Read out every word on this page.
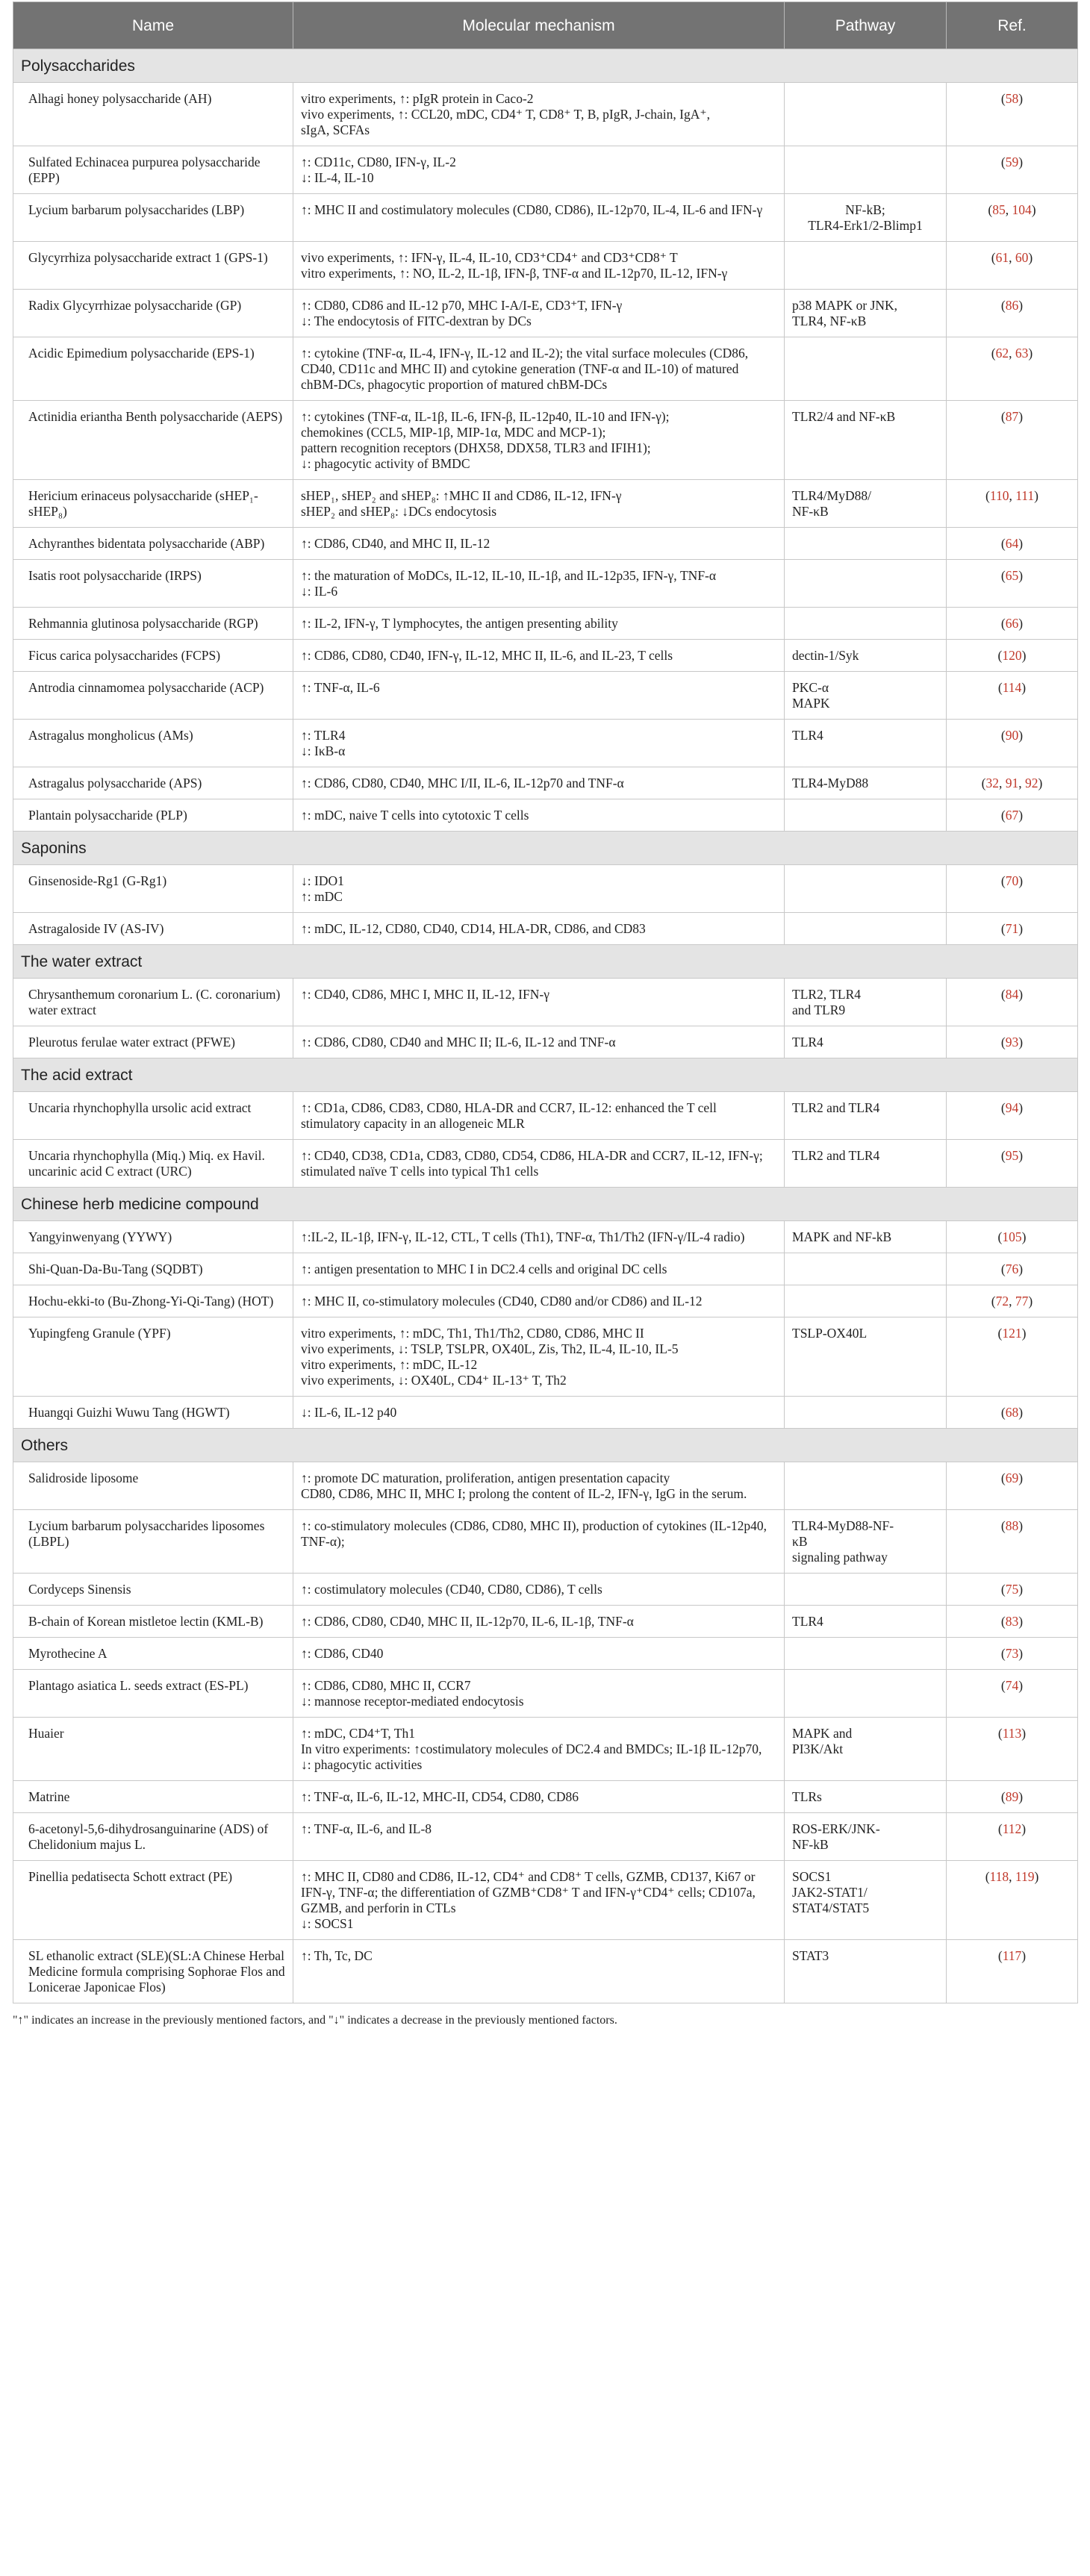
Name	Molecular mechanism	Pathway	Ref.
Polysaccharides			
Alhagi honey polysaccharide (AH)	vitro experiments, ↑: pIgR protein in Caco-2
vivo experiments, ↑: CCL20, mDC, CD4⁺ T, CD8⁺ T, B, pIgR, J-chain, IgA⁺,
sIgA, SCFAs		(58)
Sulfated Echinacea purpurea polysaccharide (EPP)	↑: CD11c, CD80, IFN-γ, IL-2
↓: IL-4, IL-10		(59)
Lycium barbarum polysaccharides (LBP)	↑: MHC II and costimulatory molecules (CD80, CD86), IL-12p70, IL-4, IL-6 and IFN-γ	NF-kB;
TLR4-Erk1/2-Blimp1	(85, 104)
Glycyrrhiza polysaccharide extract 1 (GPS-1)	vivo experiments, ↑: IFN-γ, IL-4, IL-10, CD3⁺CD4⁺ and CD3⁺CD8⁺ T
vitro experiments, ↑: NO, IL-2, IL-1β, IFN-β, TNF-α and IL-12p70, IL-12, IFN-γ		(61, 60)
Radix Glycyrrhizae polysaccharide (GP)	↑: CD80, CD86 and IL-12 p70, MHC I-A/I-E, CD3⁺T, IFN-γ
↓: The endocytosis of FITC-dextran by DCs	p38 MAPK or JNK,
TLR4, NF-κB	(86)
Acidic Epimedium polysaccharide (EPS-1)	↑: cytokine (TNF-α, IL-4, IFN-γ, IL-12 and IL-2); the vital surface molecules (CD86, CD40, CD11c and MHC II) and cytokine generation (TNF-α and IL-10) of matured chBM-DCs, phagocytic proportion of matured chBM-DCs		(62, 63)
Actinidia eriantha Benth polysaccharide (AEPS)	↑: cytokines (TNF-α, IL-1β, IL-6, IFN-β, IL-12p40, IL-10 and IFN-γ);
chemokines (CCL5, MIP-1β, MIP-1α, MDC and MCP-1);
pattern recognition receptors (DHX58, DDX58, TLR3 and IFIH1);
↓: phagocytic activity of BMDC	TLR2/4 and NF-κB	(87)
Hericium erinaceus polysaccharide (sHEP₁-sHEP₈)	sHEP₁, sHEP₂ and sHEP₈: ↑MHC II and CD86, IL-12, IFN-γ
sHEP₂ and sHEP₈: ↓DCs endocytosis	TLR4/MyD88/
NF-κB	(110, 111)
Achyranthes bidentata polysaccharide (ABP)	↑: CD86, CD40, and MHC II, IL-12		(64)
Isatis root polysaccharide (IRPS)	↑: the maturation of MoDCs, IL-12, IL-10, IL-1β, and IL-12p35, IFN-γ, TNF-α
↓: IL-6		(65)
Rehmannia glutinosa polysaccharide (RGP)	↑: IL-2, IFN-γ, T lymphocytes, the antigen presenting ability		(66)
Ficus carica polysaccharides (FCPS)	↑: CD86, CD80, CD40, IFN-γ, IL-12, MHC II, IL-6, and IL-23, T cells	dectin-1/Syk	(120)
Antrodia cinnamomea polysaccharide (ACP)	↑: TNF-α, IL-6	PKC-α
MAPK	(114)
Astragalus mongholicus (AMs)	↑: TLR4
↓: IκB-α	TLR4	(90)
Astragalus polysaccharide (APS)	↑: CD86, CD80, CD40, MHC I/II, IL-6, IL-12p70 and TNF-α	TLR4-MyD88	(32, 91, 92)
Plantain polysaccharide (PLP)	↑: mDC, naive T cells into cytotoxic T cells		(67)
Saponins			
Ginsenoside-Rg1 (G-Rg1)	↓: IDO1
↑: mDC		(70)
Astragaloside IV (AS-IV)	↑: mDC, IL-12, CD80, CD40, CD14, HLA-DR, CD86, and CD83		(71)
The water extract			
Chrysanthemum coronarium L. (C. coronarium) water extract	↑: CD40, CD86, MHC I, MHC II, IL-12, IFN-γ	TLR2, TLR4
and TLR9	(84)
Pleurotus ferulae water extract (PFWE)	↑: CD86, CD80, CD40 and MHC II; IL-6, IL-12 and TNF-α	TLR4	(93)
The acid extract			
Uncaria rhynchophylla ursolic acid extract	↑: CD1a, CD86, CD83, CD80, HLA-DR and CCR7, IL-12: enhanced the T cell stimulatory capacity in an allogeneic MLR	TLR2 and TLR4	(94)
Uncaria rhynchophylla (Miq.) Miq. ex Havil. uncarinic acid C extract (URC)	↑: CD40, CD38, CD1a, CD83, CD80, CD54, CD86, HLA-DR and CCR7, IL-12, IFN-γ; stimulated naïve T cells into typical Th1 cells	TLR2 and TLR4	(95)
Chinese herb medicine compound			
Yangyinwenyang (YYWY)	↑:IL-2, IL-1β, IFN-γ, IL-12, CTL, T cells (Th1), TNF-α, Th1/Th2 (IFN-γ/IL-4 radio)	MAPK and NF-kB	(105)
Shi-Quan-Da-Bu-Tang (SQDBT)	↑: antigen presentation to MHC I in DC2.4 cells and original DC cells		(76)
Hochu-ekki-to (Bu-Zhong-Yi-Qi-Tang) (HOT)	↑: MHC II, co-stimulatory molecules (CD40, CD80 and/or CD86) and IL-12		(72, 77)
Yupingfeng Granule (YPF)	vitro experiments, ↑: mDC, Th1, Th1/Th2, CD80, CD86, MHC II
vivo experiments, ↓: TSLP, TSLPR, OX40L, Zis, Th2, IL-4, IL-10, IL-5
vitro experiments, ↑: mDC, IL-12
vivo experiments, ↓: OX40L, CD4⁺ IL-13⁺ T, Th2	TSLP-OX40L	(121)
Huangqi Guizhi Wuwu Tang (HGWT)	↓: IL-6, IL-12 p40		(68)
Others			
Salidroside liposome	↑: promote DC maturation, proliferation, antigen presentation capacity
CD80, CD86, MHC II, MHC I; prolong the content of IL-2, IFN-γ, IgG in the serum.		(69)
Lycium barbarum polysaccharides liposomes (LBPL)	↑: co-stimulatory molecules (CD86, CD80, MHC II), production of cytokines (IL-12p40, TNF-α);	TLR4-MyD88-NF-
κB
signaling pathway	(88)
Cordyceps Sinensis	↑: costimulatory molecules (CD40, CD80, CD86), T cells		(75)
B-chain of Korean mistletoe lectin (KML-B)	↑: CD86, CD80, CD40, MHC II, IL-12p70, IL-6, IL-1β, TNF-α	TLR4	(83)
Myrothecine A	↑: CD86, CD40		(73)
Plantago asiatica L. seeds extract (ES-PL)	↑: CD86, CD80, MHC II, CCR7
↓: mannose receptor-mediated endocytosis		(74)
Huaier	↑: mDC, CD4⁺T, Th1
In vitro experiments: ↑costimulatory molecules of DC2.4 and BMDCs; IL-1β IL-12p70,
↓: phagocytic activities	MAPK and
PI3K/Akt	(113)
Matrine	↑: TNF-α, IL-6, IL-12, MHC-II, CD54, CD80, CD86	TLRs	(89)
6-acetonyl-5,6-dihydrosanguinarine (ADS) of Chelidonium majus L.	↑: TNF-α, IL-6, and IL-8	ROS-ERK/JNK-
NF-kB	(112)
Pinellia pedatisecta Schott extract (PE)	↑: MHC II, CD80 and CD86, IL-12, CD4⁺ and CD8⁺ T cells, GZMB, CD137, Ki67 or IFN-γ, TNF-α; the differentiation of GZMB⁺CD8⁺ T and IFN-γ⁺CD4⁺ cells; CD107a, GZMB, and perforin in CTLs
↓: SOCS1	SOCS1
JAK2-STAT1/
STAT4/STAT5	(118, 119)
SL ethanolic extract (SLE)(SL:A Chinese Herbal Medicine formula comprising Sophorae Flos and Lonicerae Japonicae Flos)	↑: Th, Tc, DC	STAT3	(117)
"↑" indicates an increase in the previously mentioned factors, and "↓" indicates a decrease in the previously mentioned factors.
